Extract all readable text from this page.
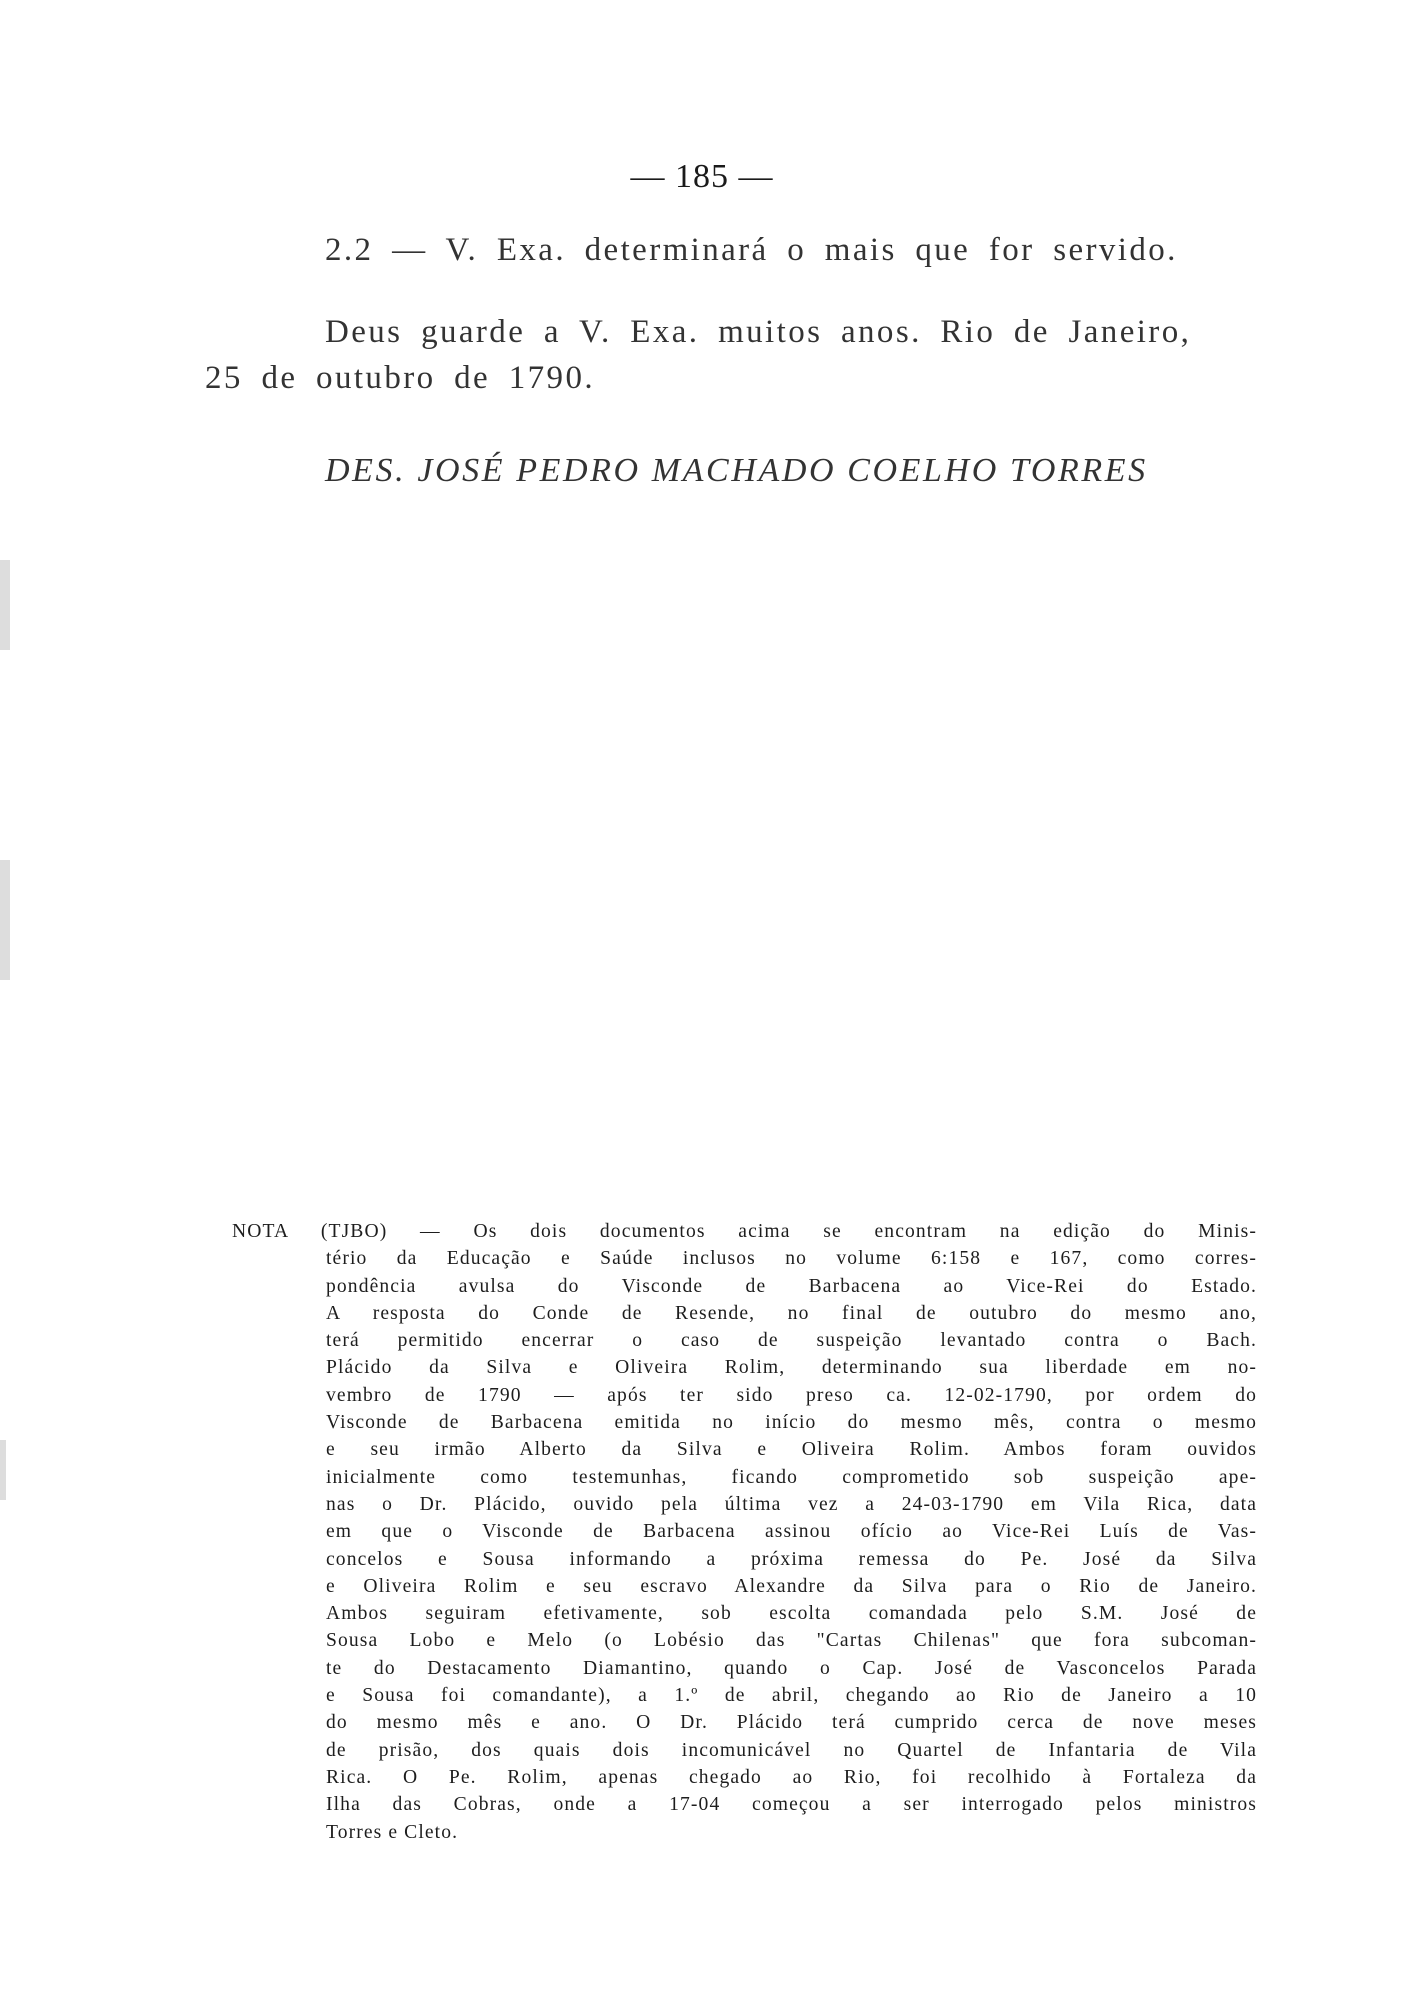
— 185 —
2.2 — V. Exa. determinará o mais que for servido.
Deus guarde a V. Exa. muitos anos. Rio de Janeiro,
25 de outubro de 1790.
DES. JOSÉ PEDRO MACHADO COELHO TORRES
NOTA (TJBO) — Os dois documentos acima se encontram na edição do Minis-
tério da Educação e Saúde inclusos no volume 6:158 e 167, como corres-
pondência avulsa do Visconde de Barbacena ao Vice-Rei do Estado.
A resposta do Conde de Resende, no final de outubro do mesmo ano,
terá permitido encerrar o caso de suspeição levantado contra o Bach.
Plácido da Silva e Oliveira Rolim, determinando sua liberdade em no-
vembro de 1790 — após ter sido preso ca. 12-02-1790, por ordem do
Visconde de Barbacena emitida no início do mesmo mês, contra o mesmo
e seu irmão Alberto da Silva e Oliveira Rolim. Ambos foram ouvidos
inicialmente como testemunhas, ficando comprometido sob suspeição ape-
nas o Dr. Plácido, ouvido pela última vez a 24-03-1790 em Vila Rica, data
em que o Visconde de Barbacena assinou ofício ao Vice-Rei Luís de Vas-
concelos e Sousa informando a próxima remessa do Pe. José da Silva
e Oliveira Rolim e seu escravo Alexandre da Silva para o Rio de Janeiro.
Ambos seguiram efetivamente, sob escolta comandada pelo S.M. José de
Sousa Lobo e Melo (o Lobésio das "Cartas Chilenas" que fora subcoman-
te do Destacamento Diamantino, quando o Cap. José de Vasconcelos Parada
e Sousa foi comandante), a 1.º de abril, chegando ao Rio de Janeiro a 10
do mesmo mês e ano. O Dr. Plácido terá cumprido cerca de nove meses
de prisão, dos quais dois incomunicável no Quartel de Infantaria de Vila
Rica. O Pe. Rolim, apenas chegado ao Rio, foi recolhido à Fortaleza da
Ilha das Cobras, onde a 17-04 começou a ser interrogado pelos ministros
Torres e Cleto.
